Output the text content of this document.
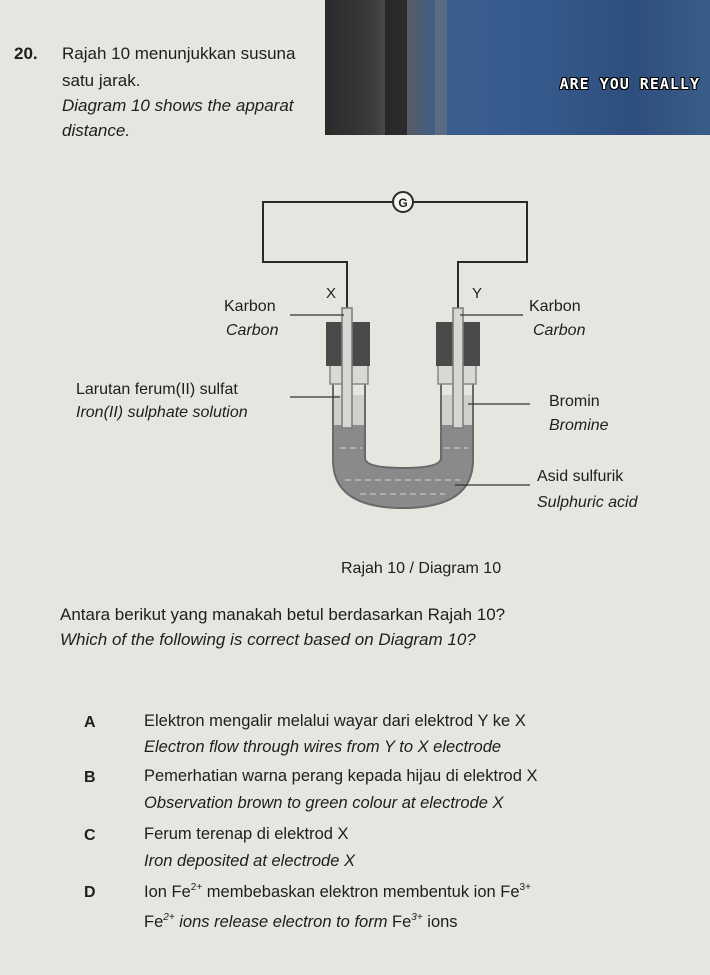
20. Rajah 10 menunjukkan susuna
satu jarak.
Diagram 10 shows the apparat
distance.
ARE YOU REALLY
G
X	Y
Karbon
Carbon
Karbon
Carbon
Larutan ferum(II) sulfat
Iron(II) sulphate solution
Bromin
Bromine
Asid sulfurik
Sulphuric acid
Rajah 10 / Diagram 10
Antara berikut yang manakah betul berdasarkan Rajah 10?
Which of the following is correct based on Diagram 10?
A	Elektron mengalir melalui wayar dari elektrod Y ke X
Electron flow through wires from Y to X electrode
B	Pemerhatian warna perang kepada hijau di elektrod X
Observation brown to green colour at electrode X
C	Ferum terenap di elektrod X
Iron deposited at electrode X
D	Ion $Fe^{2+}$ membebaskan elektron membentuk ion $Fe^{3+}$
$Fe^{2+}$ ions release electron to form $Fe^{3+}$ ions
